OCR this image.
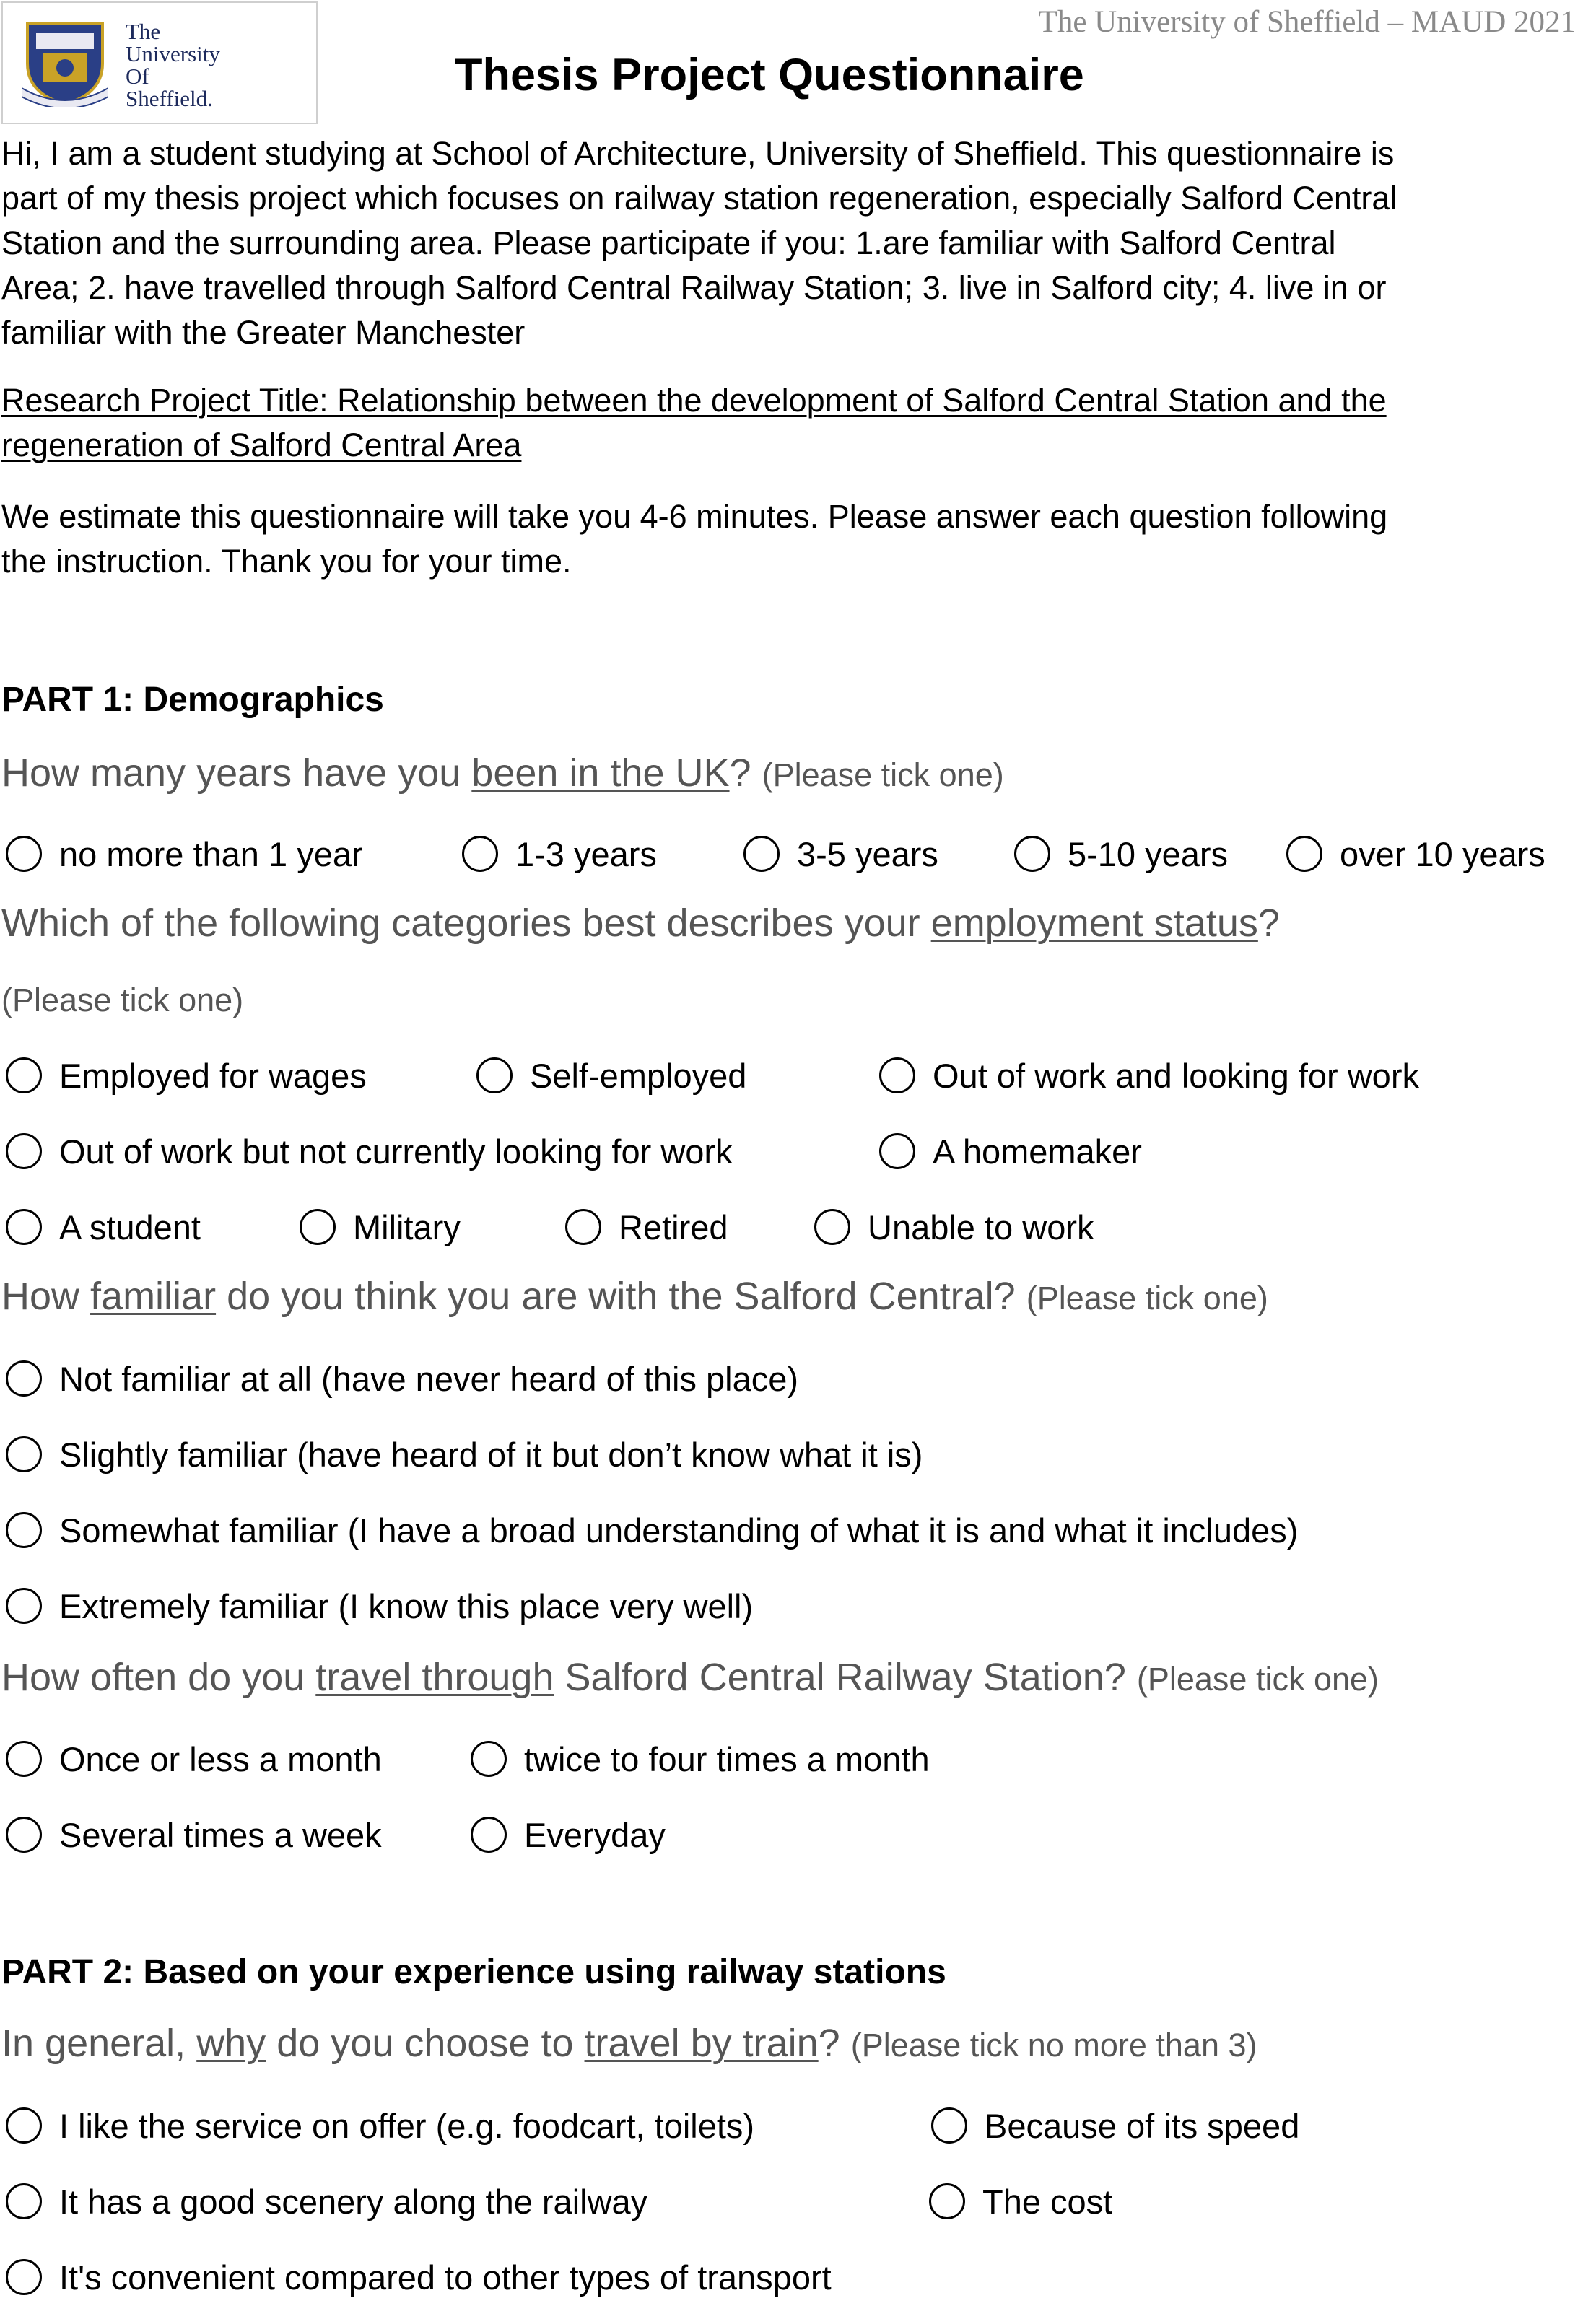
The
University
Of
Sheffield.
The University of Sheffield – MAUD 2021
Thesis Project Questionnaire
Hi, I am a student studying at School of Architecture, University of Sheffield. This questionnaire is
part of my thesis project which focuses on railway station regeneration, especially Salford Central
Station and the surrounding area. Please participate if you: 1.are familiar with Salford Central
Area; 2. have travelled through Salford Central Railway Station; 3. live in Salford city; 4. live in or
familiar with the Greater Manchester
Research Project Title: Relationship between the development of Salford Central Station and the
regeneration of Salford Central Area
We estimate this questionnaire will take you 4-6 minutes. Please answer each question following
the instruction. Thank you for your time.
PART 1: Demographics
How many years have you been in the UK? (Please tick one)
no more than 1 year	1-3 years	3-5 years	5-10 years	over 10 years
Which of the following categories best describes your employment status?
(Please tick one)
Employed for wages	Self-employed	Out of work and looking for work
Out of work but not currently looking for work	A homemaker
A student	Military	Retired	Unable to work
How familiar do you think you are with the Salford Central? (Please tick one)
Not familiar at all (have never heard of this place)
Slightly familiar (have heard of it but don’t know what it is)
Somewhat familiar (I have a broad understanding of what it is and what it includes)
Extremely familiar (I know this place very well)
How often do you travel through Salford Central Railway Station? (Please tick one)
Once or less a month	twice to four times a month
Several times a week	Everyday
PART 2: Based on your experience using railway stations
In general, why do you choose to travel by train? (Please tick no more than 3)
I like the service on offer (e.g. foodcart, toilets)	Because of its speed
It has a good scenery along the railway	The cost
It's convenient compared to other types of transport
